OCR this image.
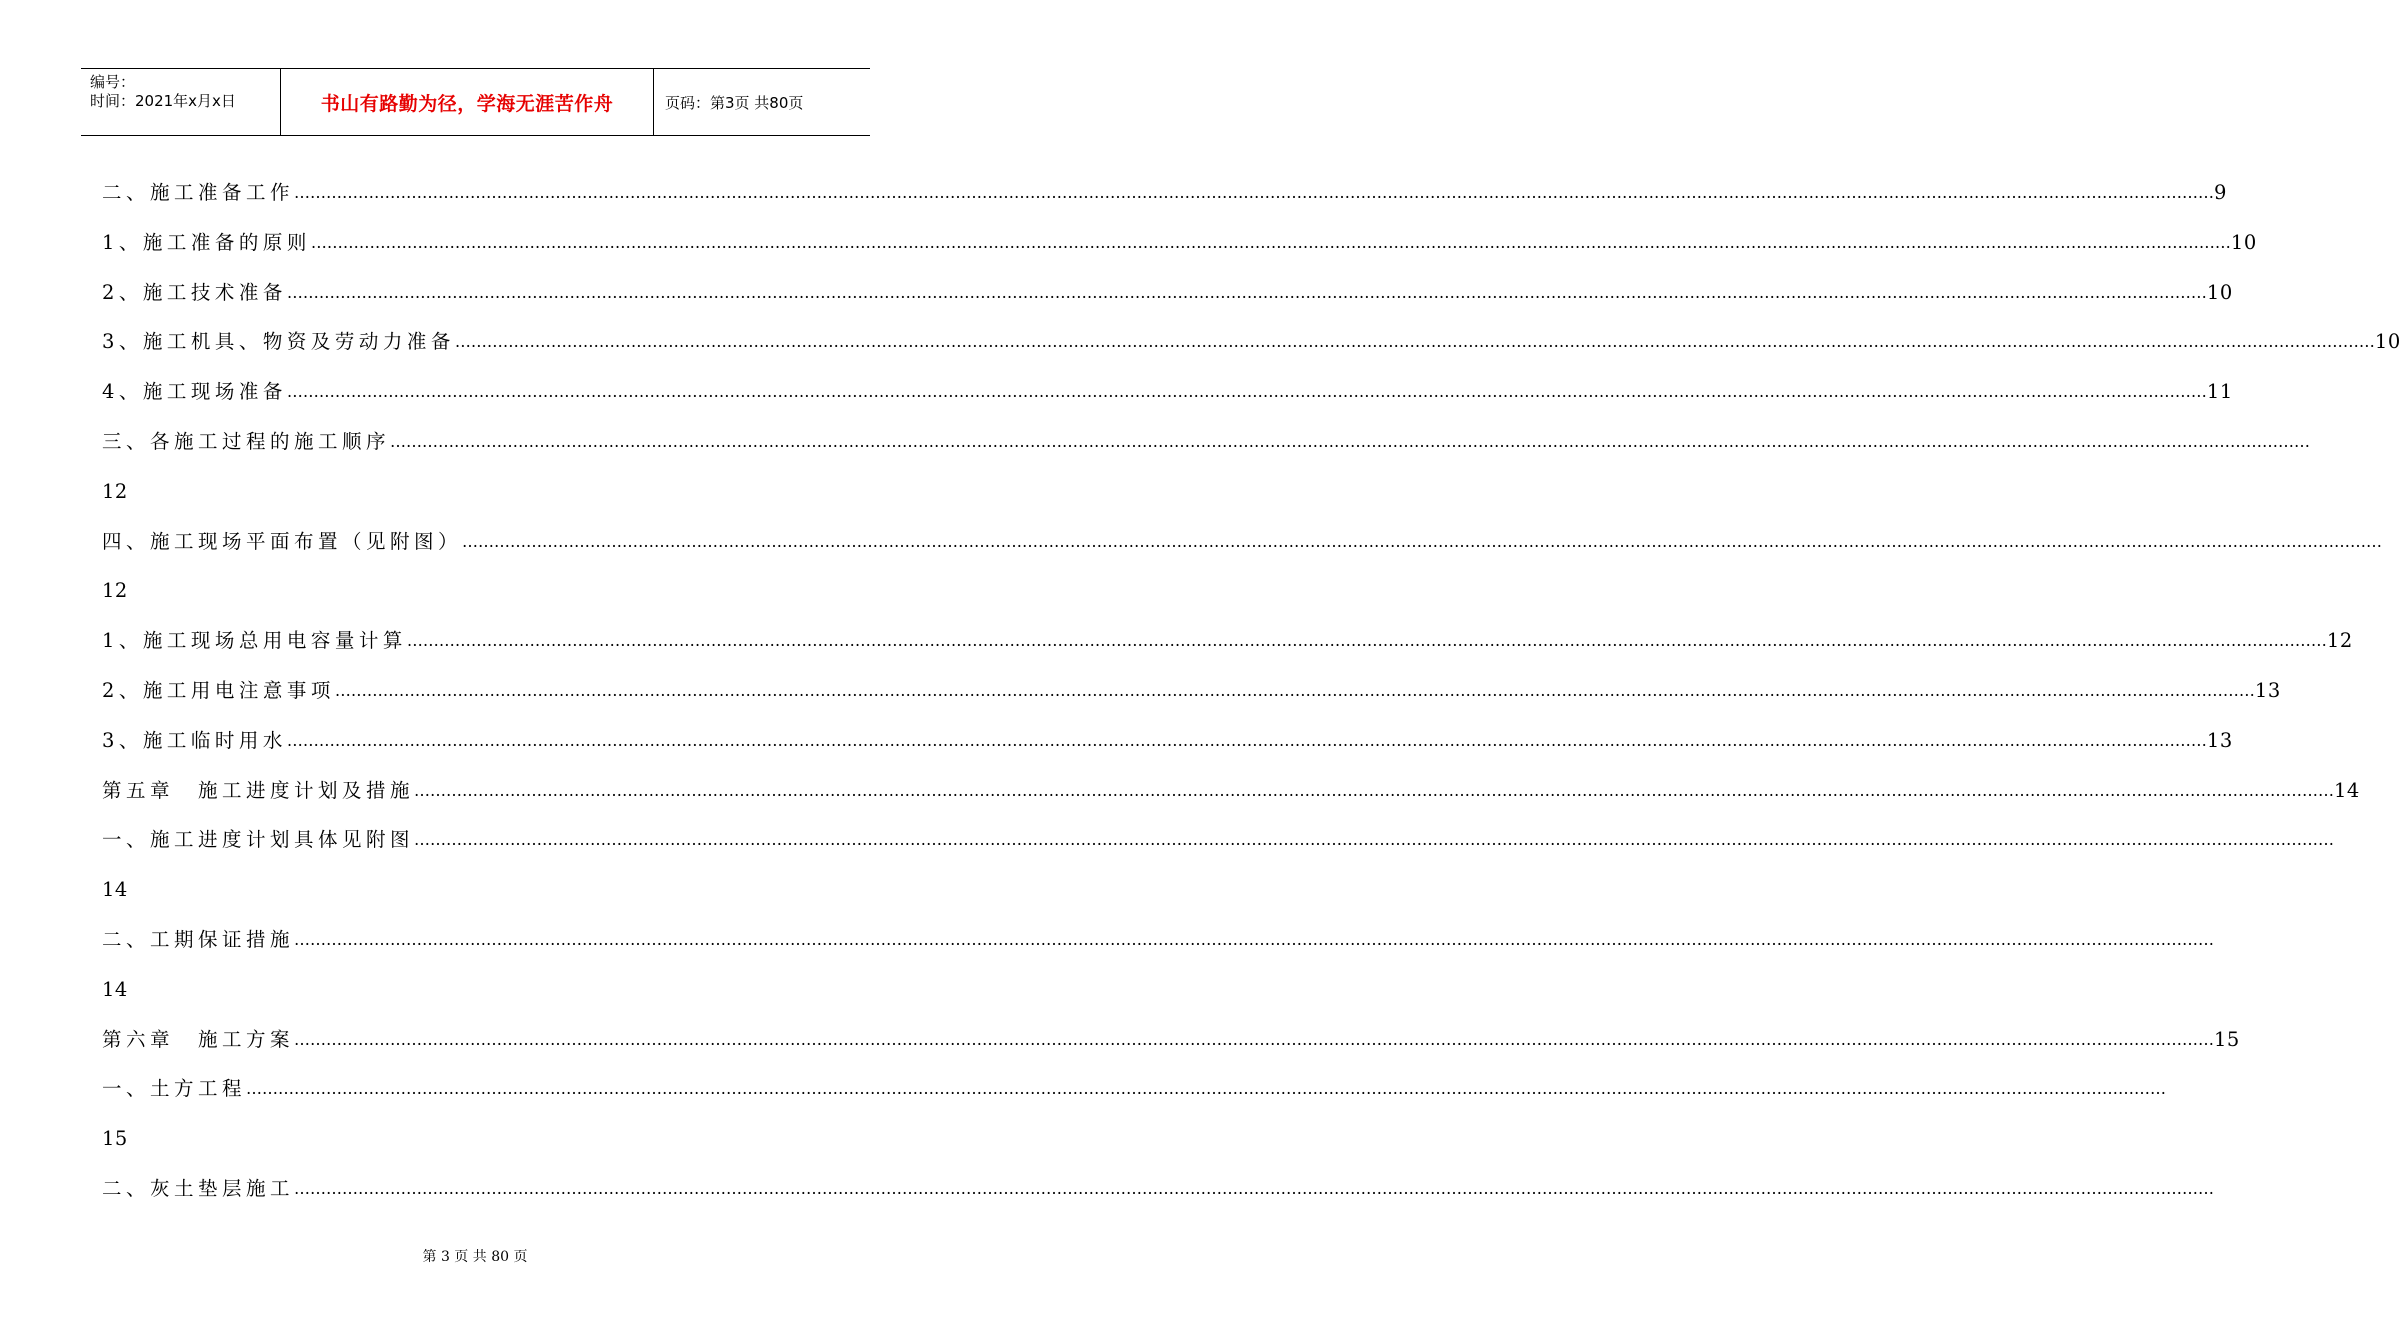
编号：
时间：2021年x月x日	书山有路勤为径，学海无涯苦作舟	页码：第3页 共80页
二、施工准备工作 ……………………………………………………………………………………………………………………………………………………………………………………………………………………………………………………………………………………………………………………………… 9
1、施工准备的原则 ……………………………………………………………………………………………………………………………………………………………………………………………………………………………………………………………………………………………………………………………… 10
2、施工技术准备 ……………………………………………………………………………………………………………………………………………………………………………………………………………………………………………………………………………………………………………………………… 10
3、施工机具、物资及劳动力准备 ……………………………………………………………………………………………………………………………………………………………………………………………………………………………………………………………………………………………………………………………… 10
4、施工现场准备 ……………………………………………………………………………………………………………………………………………………………………………………………………………………………………………………………………………………………………………………………… 11
三、各施工过程的施工顺序 ………………………………………………………………………………………………………………………………………………………………………………………………………………………………………………………………………………………………………………………………
12
四、施工现场平面布置（见附图） ………………………………………………………………………………………………………………………………………………………………………………………………………………………………………………………………………………………………………………………………
12
1、施工现场总用电容量计算 ……………………………………………………………………………………………………………………………………………………………………………………………………………………………………………………………………………………………………………………………… 12
2、施工用电注意事项 ……………………………………………………………………………………………………………………………………………………………………………………………………………………………………………………………………………………………………………………………… 13
3、施工临时用水 ……………………………………………………………………………………………………………………………………………………………………………………………………………………………………………………………………………………………………………………………… 13
第五章　施工进度计划及措施 ……………………………………………………………………………………………………………………………………………………………………………………………………………………………………………………………………………………………………………………………… 14
一、施工进度计划具体见附图 ………………………………………………………………………………………………………………………………………………………………………………………………………………………………………………………………………………………………………………………………
14
二、工期保证措施 ………………………………………………………………………………………………………………………………………………………………………………………………………………………………………………………………………………………………………………………………
14
第六章　施工方案 ……………………………………………………………………………………………………………………………………………………………………………………………………………………………………………………………………………………………………………………………… 15
一、土方工程 ………………………………………………………………………………………………………………………………………………………………………………………………………………………………………………………………………………………………………………………………
15
二、灰土垫层施工 ………………………………………………………………………………………………………………………………………………………………………………………………………………………………………………………………………………………………………………………………
第 3 页 共 80 页
